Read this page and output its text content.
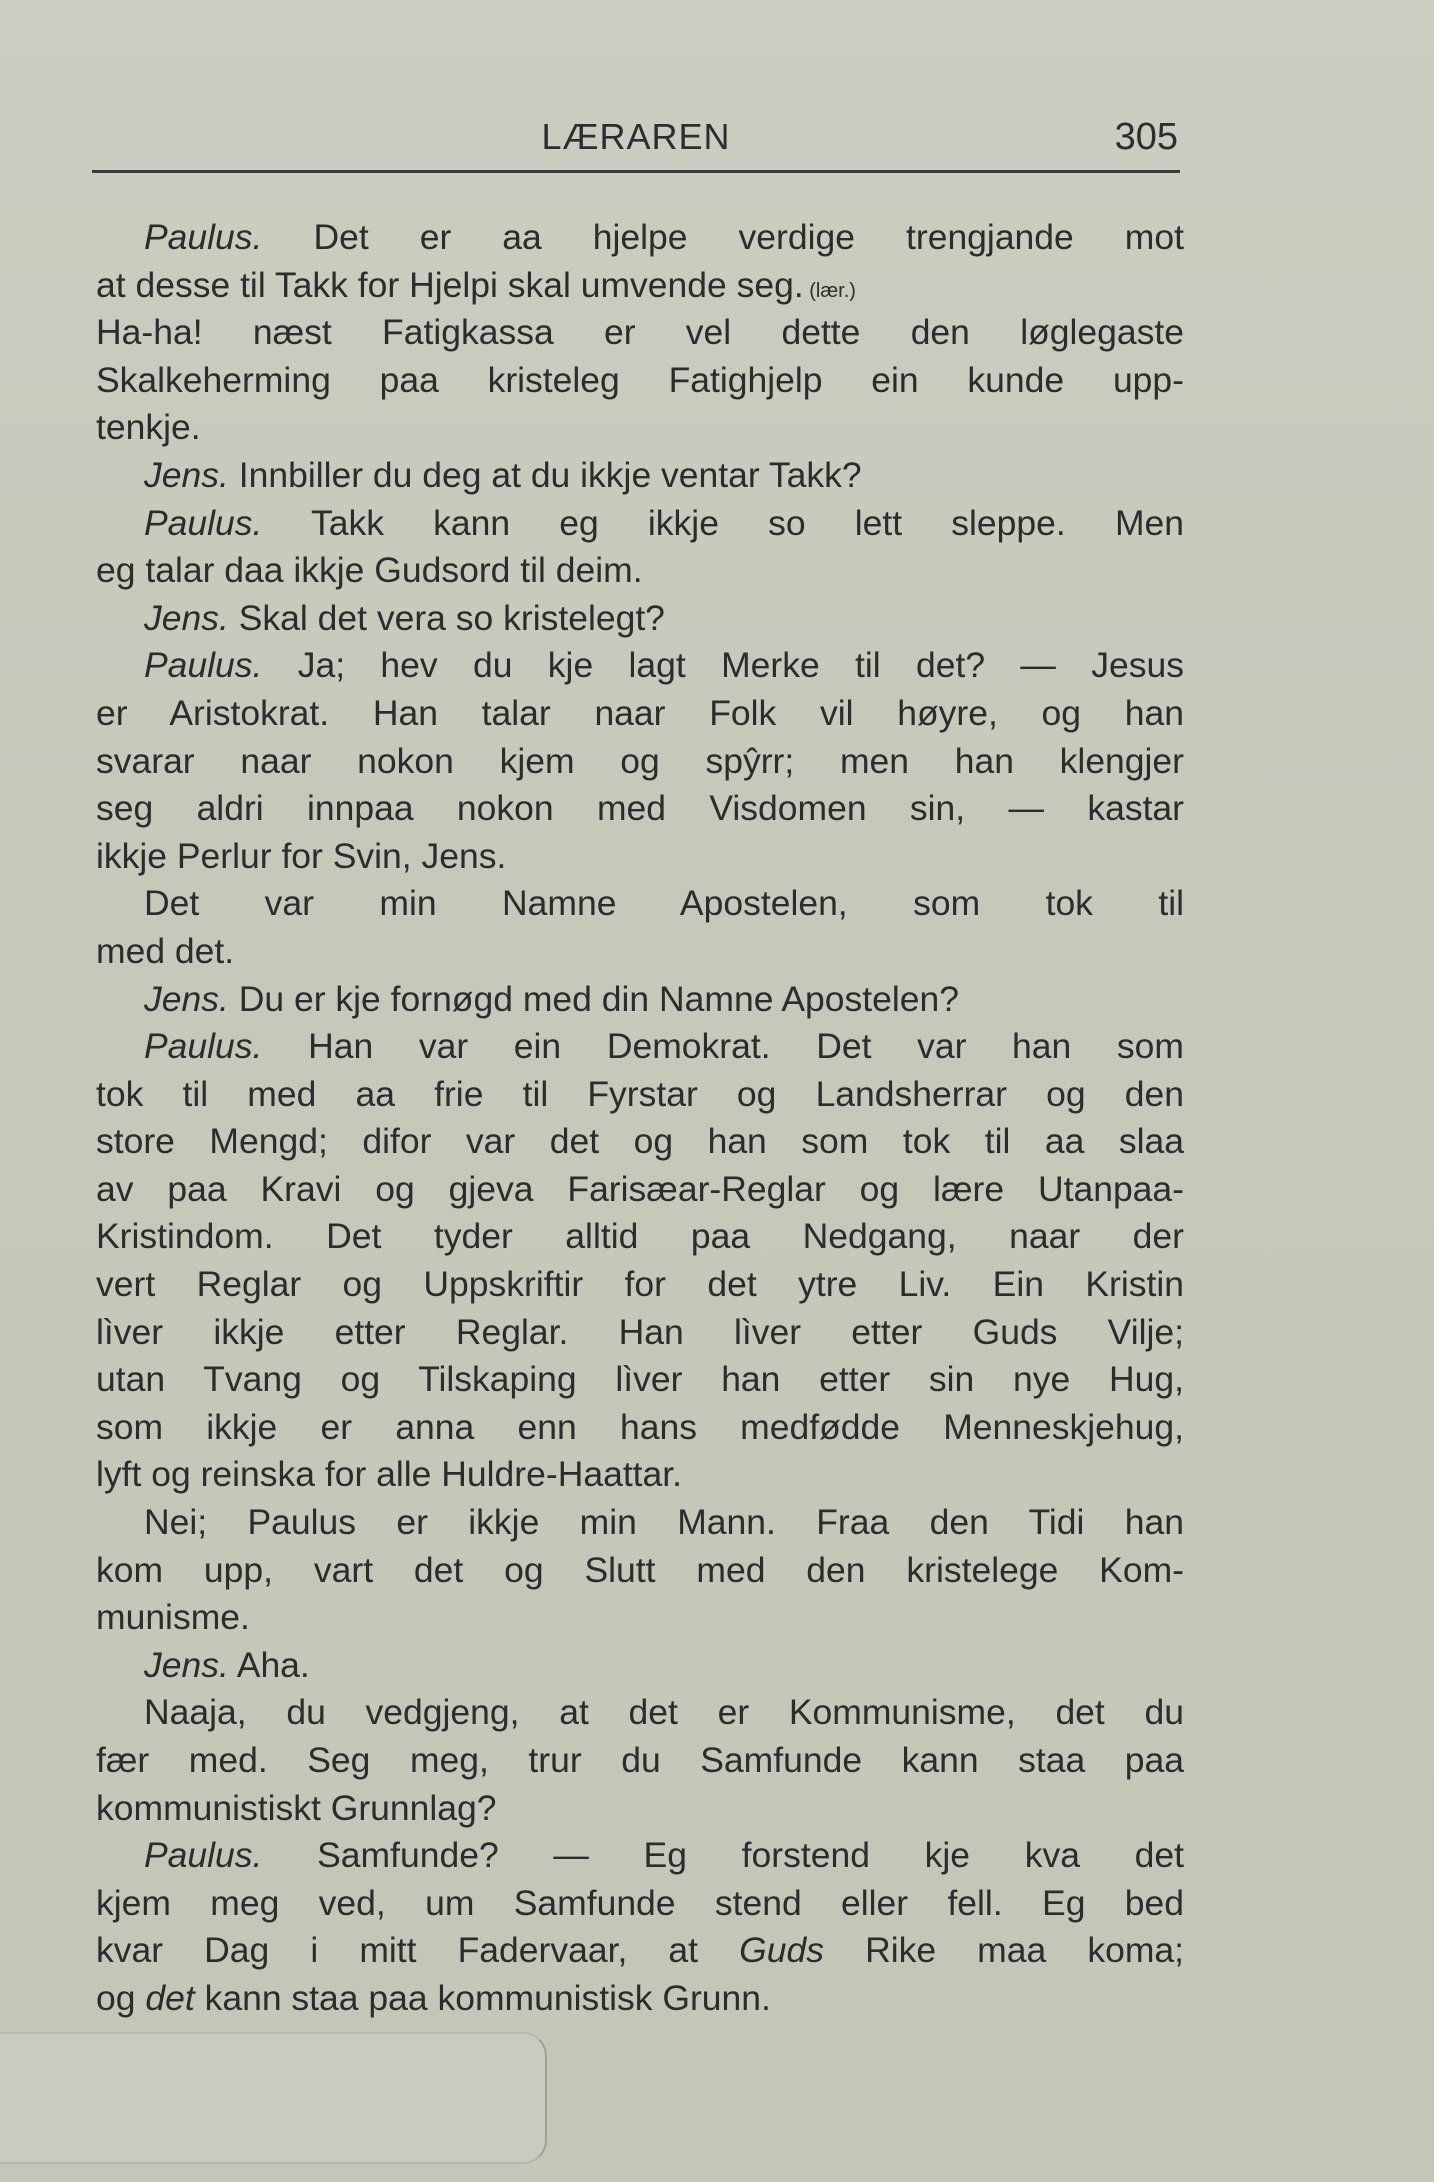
LÆRAREN	305
Paulus. Det er aa hjelpe verdige trengjande mot
at desse til Takk for Hjelpi skal umvende seg. (lær.)
Ha-ha! næst Fatigkassa er vel dette den løglegaste
Skalkeherming paa kristeleg Fatighjelp ein kunde upp-
tenkje.
Jens. Innbiller du deg at du ikkje ventar Takk?
Paulus. Takk kann eg ikkje so lett sleppe. Men
eg talar daa ikkje Gudsord til deim.
Jens. Skal det vera so kristelegt?
Paulus. Ja; hev du kje lagt Merke til det? — Jesus
er Aristokrat. Han talar naar Folk vil høyre, og han
svarar naar nokon kjem og spŷrr; men han klengjer
seg aldri innpaa nokon med Visdomen sin, — kastar
ikkje Perlur for Svin, Jens.
Det var min Namne Apostelen, som tok til
med det.
Jens. Du er kje fornøgd med din Namne Apostelen?
Paulus. Han var ein Demokrat. Det var han som
tok til med aa frie til Fyrstar og Landsherrar og den
store Mengd; difor var det og han som tok til aa slaa
av paa Kravi og gjeva Farisæar-Reglar og lære Utanpaa-
Kristindom. Det tyder alltid paa Nedgang, naar der
vert Reglar og Uppskriftir for det ytre Liv. Ein Kristin
lìver ikkje etter Reglar. Han lìver etter Guds Vilje;
utan Tvang og Tilskaping lìver han etter sin nye Hug,
som ikkje er anna enn hans medfødde Menneskjehug,
lyft og reinska for alle Huldre-Haattar.
Nei; Paulus er ikkje min Mann. Fraa den Tidi han
kom upp, vart det og Slutt med den kristelege Kom-
munisme.
Jens. Aha.
Naaja, du vedgjeng, at det er Kommunisme, det du
fær med. Seg meg, trur du Samfunde kann staa paa
kommunistiskt Grunnlag?
Paulus. Samfunde? — Eg forstend kje kva det
kjem meg ved, um Samfunde stend eller fell. Eg bed
kvar Dag i mitt Fadervaar, at Guds Rike maa koma;
og det kann staa paa kommunistisk Grunn.
